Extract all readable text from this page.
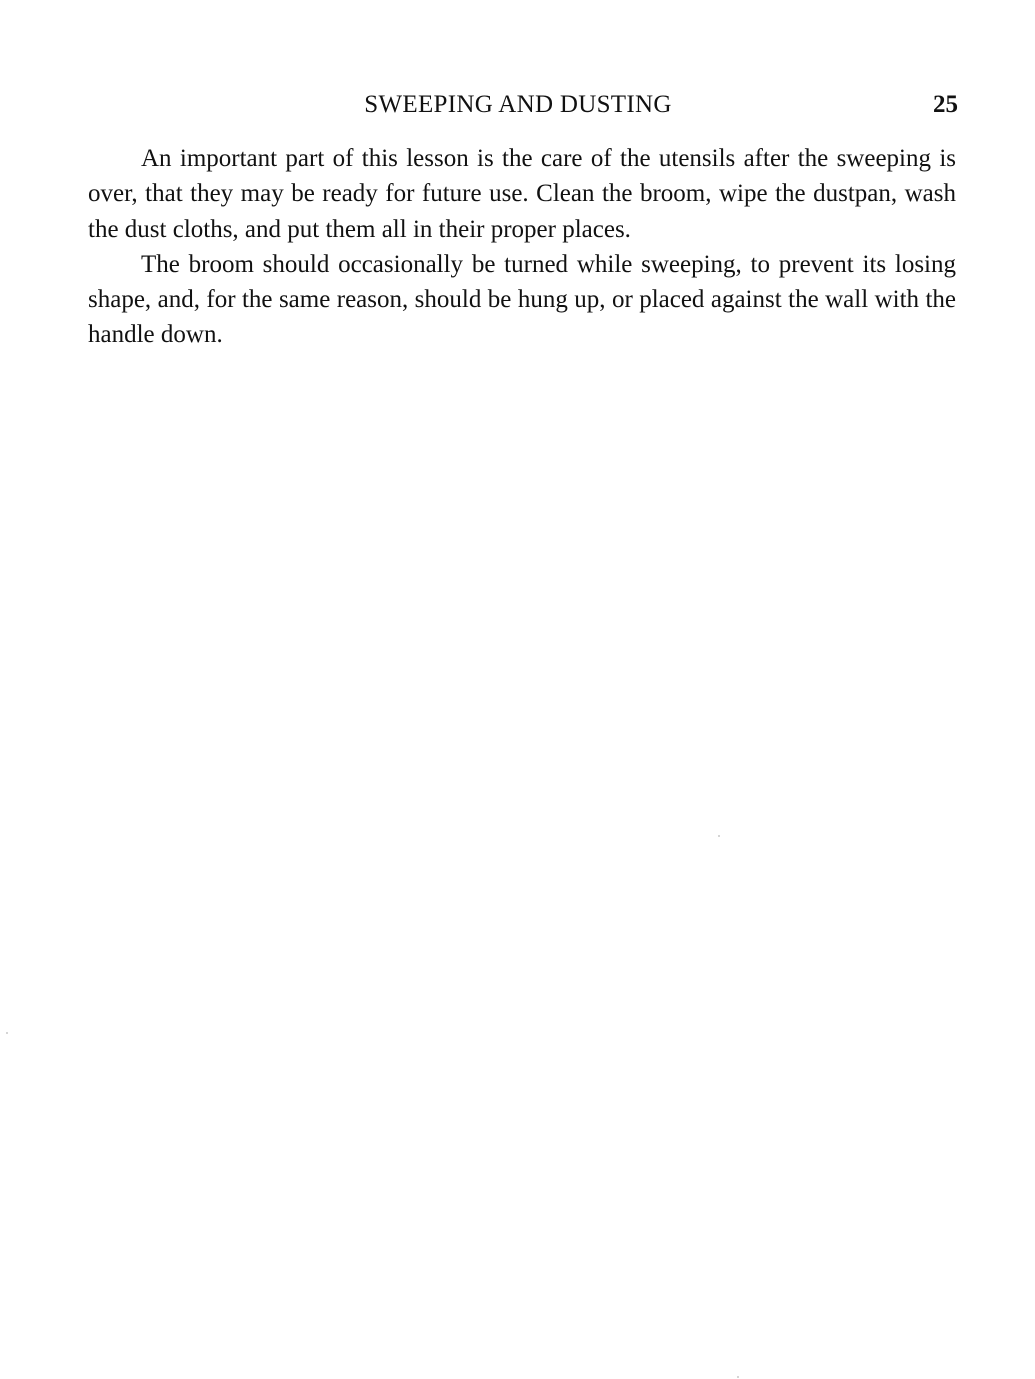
SWEEPING AND DUSTING	25

An important part of this lesson is the care of the utensils after the sweeping is over, that they may be ready for future use. Clean the broom, wipe the dustpan, wash the dust cloths, and put them all in their proper places.

The broom should occasionally be turned while sweeping, to prevent its losing shape, and, for the same reason, should be hung up, or placed against the wall with the handle down.
